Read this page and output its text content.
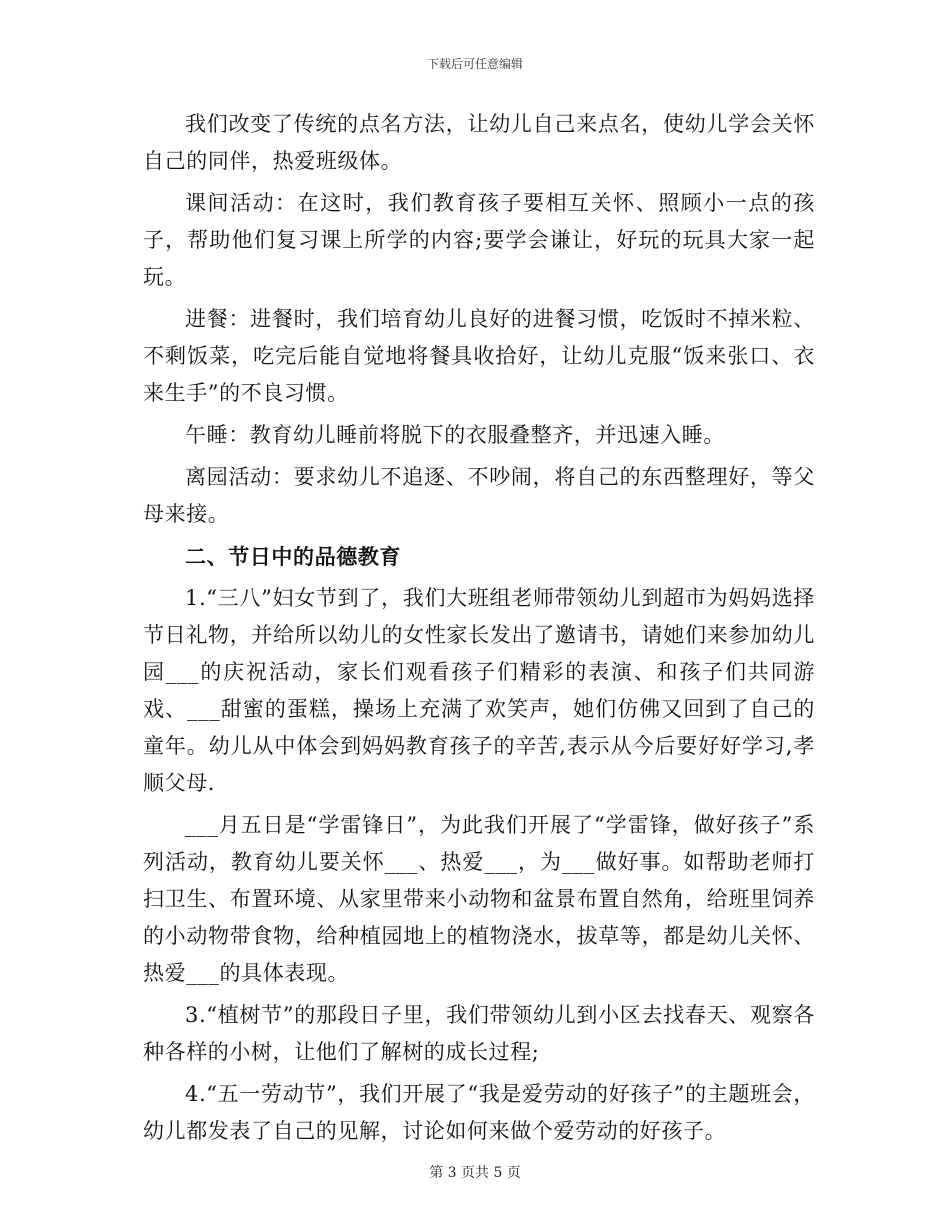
下载后可任意编辑

我们改变了传统的点名方法，让幼儿自己来点名，使幼儿学会关怀自己的同伴，热爱班级体。

课间活动：在这时，我们教育孩子要相互关怀、照顾小一点的孩子，帮助他们复习课上所学的内容;要学会谦让，好玩的玩具大家一起玩。

进餐：进餐时，我们培育幼儿良好的进餐习惯，吃饭时不掉米粒、不剩饭菜，吃完后能自觉地将餐具收拾好，让幼儿克服“饭来张口、衣来生手”的不良习惯。

午睡：教育幼儿睡前将脱下的衣服叠整齐，并迅速入睡。

离园活动：要求幼儿不追逐、不吵闹，将自己的东西整理好，等父母来接。

二、节日中的品德教育

1.“三八”妇女节到了，我们大班组老师带领幼儿到超市为妈妈选择节日礼物，并给所以幼儿的女性家长发出了邀请书，请她们来参加幼儿园___的庆祝活动，家长们观看孩子们精彩的表演、和孩子们共同游戏、___甜蜜的蛋糕，操场上充满了欢笑声，她们仿佛又回到了自己的童年。幼儿从中体会到妈妈教育孩子的辛苦,表示从今后要好好学习,孝顺父母.

___月五日是“学雷锋日”，为此我们开展了“学雷锋，做好孩子”系列活动，教育幼儿要关怀___、热爱___，为___做好事。如帮助老师打扫卫生、布置环境、从家里带来小动物和盆景布置自然角，给班里饲养的小动物带食物，给种植园地上的植物浇水，拔草等，都是幼儿关怀、热爱___的具体表现。

3.“植树节”的那段日子里，我们带领幼儿到小区去找春天、观察各种各样的小树，让他们了解树的成长过程;

4.“五一劳动节”，我们开展了“我是爱劳动的好孩子”的主题班会，幼儿都发表了自己的见解，讨论如何来做个爱劳动的好孩子。

第 3 页共 5 页
